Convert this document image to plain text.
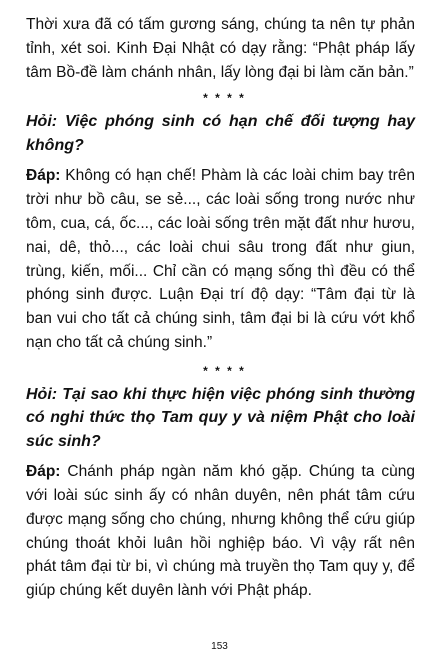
Thời xưa đã có tấm gương sáng, chúng ta nên tự phản tỉnh, xét soi. Kinh Đại Nhật có dạy rằng: “Phật pháp lấy tâm Bồ-đề làm chánh nhân, lấy lòng đại bi làm căn bản.”

* * * *
Hỏi: Việc phóng sinh có hạn chế đối tượng hay không?

Đáp: Không có hạn chế! Phàm là các loài chim bay trên trời như bồ câu, se sẻ..., các loài sống trong nước như tôm, cua, cá, ốc..., các loài sống trên mặt đất như hươu, nai, dê, thỏ..., các loài chui sâu trong đất như giun, trùng, kiến, mối... Chỉ cần có mạng sống thì đều có thể phóng sinh được. Luận Đại trí độ dạy: “Tâm đại từ là ban vui cho tất cả chúng sinh, tâm đại bi là cứu vớt khổ nạn cho tất cả chúng sinh.”

* * * *
Hỏi: Tại sao khi thực hiện việc phóng sinh thường có nghi thức thọ Tam quy y và niệm Phật cho loài súc sinh?

Đáp: Chánh pháp ngàn năm khó gặp. Chúng ta cùng với loài súc sinh ấy có nhân duyên, nên phát tâm cứu được mạng sống cho chúng, nhưng không thể cứu giúp chúng thoát khỏi luân hồi nghiệp báo. Vì vậy rất nên phát tâm đại từ bi, vì chúng mà truyền thọ Tam quy y, để giúp chúng kết duyên lành với Phật pháp.

153
